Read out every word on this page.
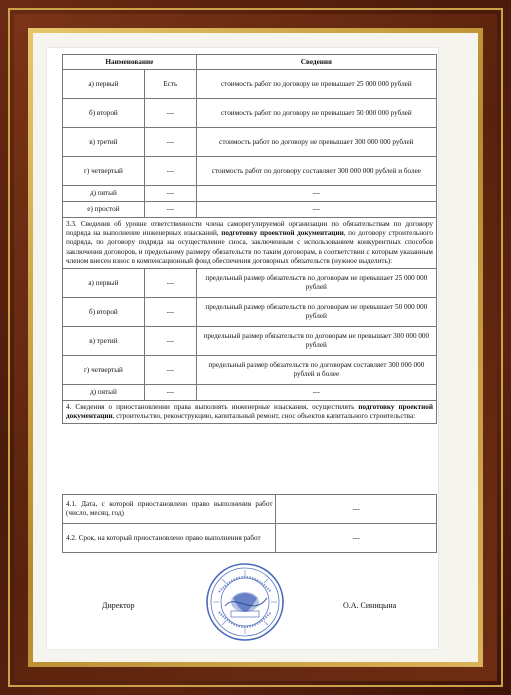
Наименование		Сведения
а) первый	Есть	стоимость работ по договору не превышает 25 000 000 рублей
б) второй	---	стоимость работ по договору не превышает 50 000 000 рублей
в) третий	---	стоимость работ по договору не превышает 300 000 000 рублей
г) четвертый	---	стоимость работ по договору составляет 300 000 000 рублей и более
д) пятый	---	---
е) простой	---	---
3.3. Сведения об уровне ответственности члена саморегулируемой организации по обязательствам по договору подряда на выполнение инженерных изысканий, подготовку проектной документации, по договору строительного подряда, по договору подряда на осуществление сноса, заключенным с использованием конкурентных способов заключения договоров, и предельному размеру обязательств по таким договорам, в соответствии с которым указанным членом внесен взнос в компенсационный фонд обеспечения договорных обязательств (нужное выделить):		
а) первый	---	предельный размер обязательств по договорам не превышает 25 000 000 рублей
б) второй	---	предельный размер обязательств по договорам не превышает 50 000 000 рублей
в) третий	---	предельный размер обязательств по договорам не превышает 300 000 000 рублей
г) четвертый	---	предельный размер обязательств по договорам составляет 300 000 000 рублей и более
д) пятый	---	---
4. Сведения о приостановлении права выполнять инженерные изыскания, осуществлять подготовку проектной документации, строительство, реконструкцию, капитальный ремонт, снос объектов капитального строительства:		
4.1. Дата, с которой приостановлено право выполнения работ (число, месяц, год)	---
4.2. Срок, на который приостановлено право выполнения работ	---
Директор	О.А. Синицына
